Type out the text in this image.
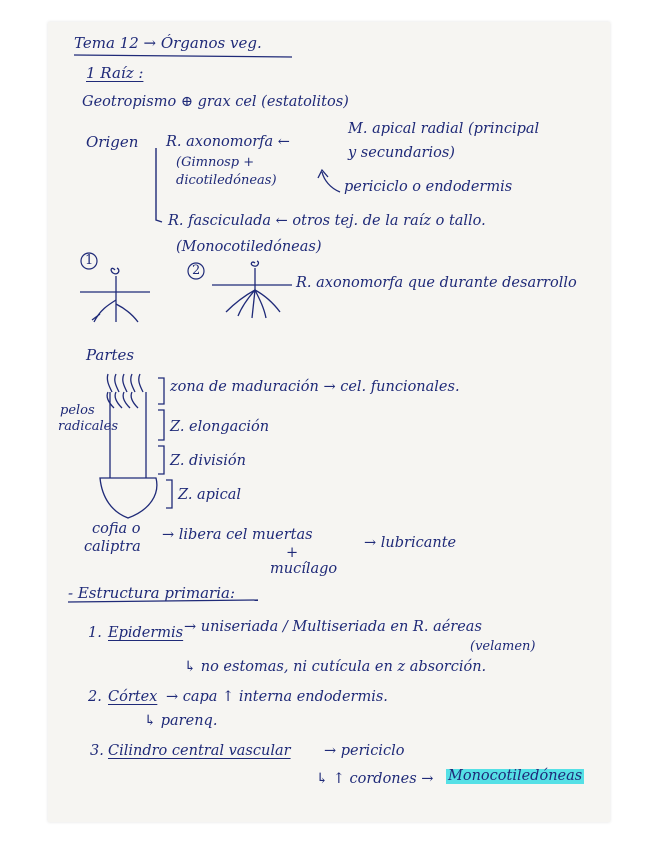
Tema 12 → Órganos veg.
1 Raíz :
Geotropismo ⊕ grax cel (estatolitos)
Origen R. axonomorfa ←
M. apical radial (principal
y secundarios)
(Gimnosp +
dicotiledóneas)	periciclo o endodermis
R. fasciculada ← otros tej. de la raíz o tallo.
(Monocotiledóneas)
1
2
R. axonomorfa que durante desarrollo
Partes
zona de maduración → cel. funcionales.
pelos
radicales	Z. elongación
Z. división
Z. apical
cofia o
caliptra
→ libera cel muertas
+
mucílago
→ lubricante
- Estructura primaria:
1. Epidermis → uniseriada / Multiseriada en R. aéreas
(velamen)
↳ no estomas, ni cutícula en z absorción.
2. Córtex → capa ↑ interna endodermis.
↳ parenq.
3. Cilindro central vascular → periciclo
↳ ↑ cordones → Monocotiledóneas
